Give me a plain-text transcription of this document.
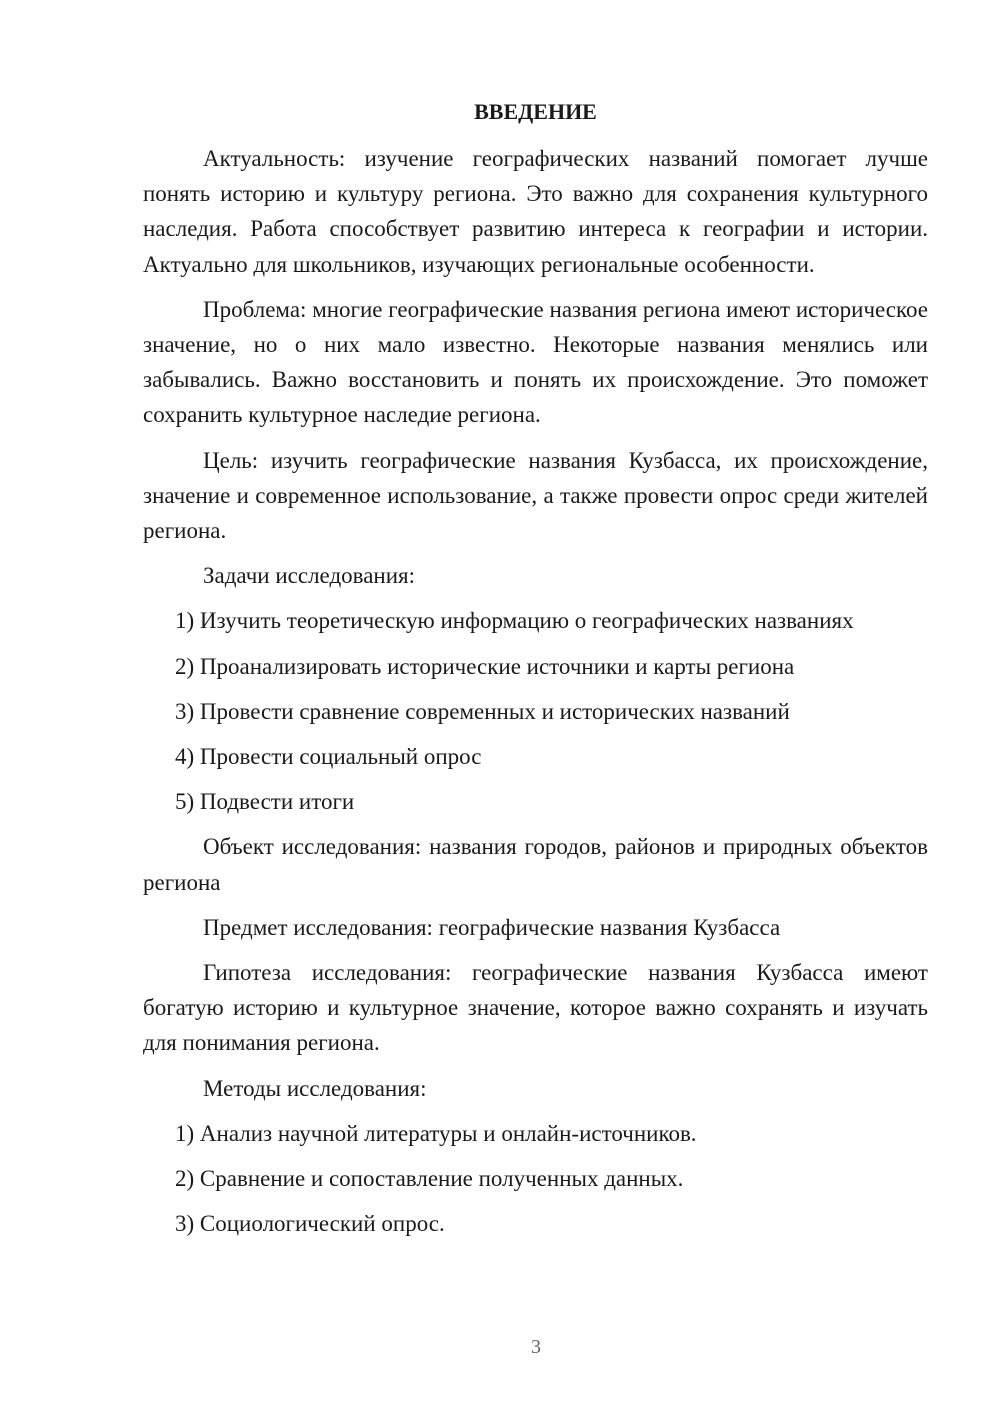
ВВЕДЕНИЕ
Актуальность: изучение географических названий помогает лучше понять историю и культуру региона. Это важно для сохранения культурного наследия. Работа способствует развитию интереса к географии и истории. Актуально для школьников, изучающих региональные особенности.
Проблема: многие географические названия региона имеют историческое значение, но о них мало известно. Некоторые названия менялись или забывались. Важно восстановить и понять их происхождение. Это поможет сохранить культурное наследие региона.
Цель: изучить географические названия Кузбасса, их происхождение, значение и современное использование, а также провести опрос среди жителей региона.
Задачи исследования:
1) Изучить теоретическую информацию о географических названиях
2) Проанализировать исторические источники и карты региона
3) Провести сравнение современных и исторических названий
4) Провести социальный опрос
5) Подвести итоги
Объект исследования: названия городов, районов и природных объектов региона
Предмет исследования: географические названия Кузбасса
Гипотеза исследования: географические названия Кузбасса имеют богатую историю и культурное значение, которое важно сохранять и изучать для понимания региона.
Методы исследования:
1) Анализ научной литературы и онлайн-источников.
2) Сравнение и сопоставление полученных данных.
3) Социологический опрос.
3
